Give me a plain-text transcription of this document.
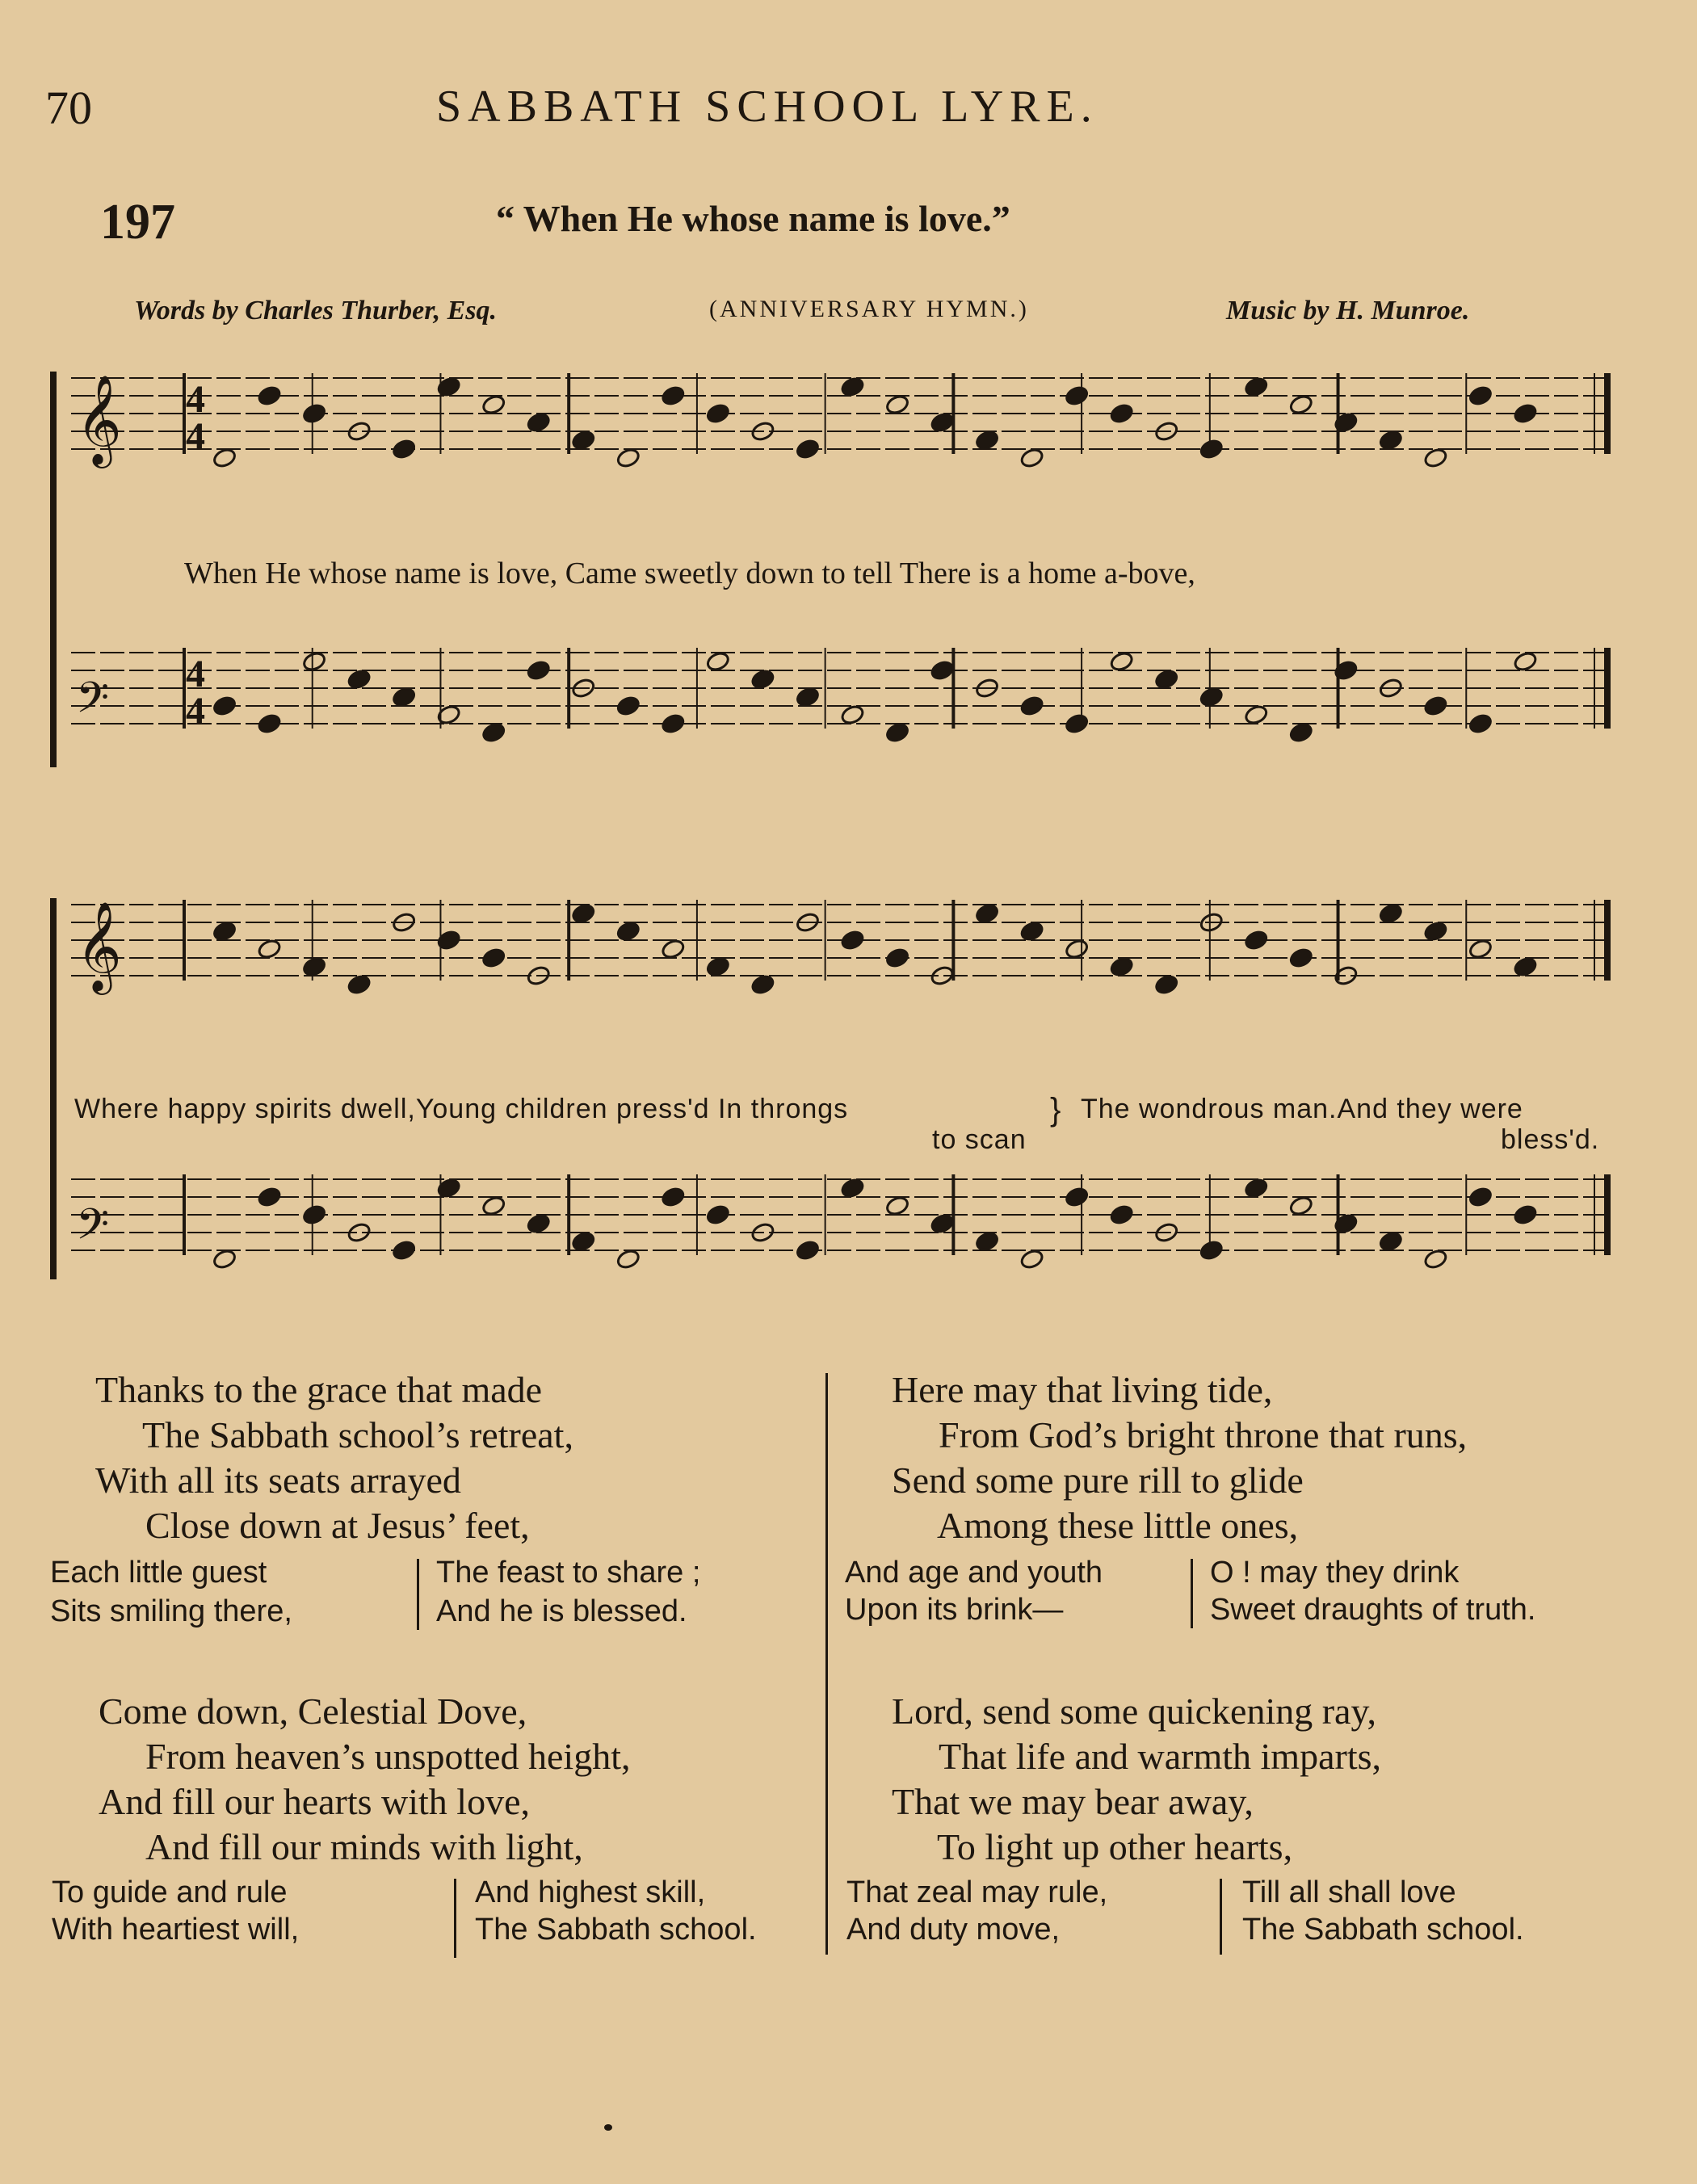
70	SABBATH SCHOOL LYRE.
197	“ When He whose name is love.”
Words by Charles Thurber, Esq.	(ANNIVERSARY HYMN.)	Music by H. Munroe.
𝄞
𝄢
𝄞
𝄢
4
4
4
4
When He whose name is love, Came sweetly down to tell There is a home a-bove,
Where happy spirits dwell,Young children press'd In throngs
to scan
} The wondrous man.And they were
bless'd.
Thanks to the grace that made
The Sabbath school’s retreat,
With all its seats arrayed
Close down at Jesus’ feet,
Each little guest
Sits smiling there,
The feast to share ;
And he is blessed.
Here may that living tide,
From God’s bright throne that runs,
Send some pure rill to glide
Among these little ones,
And age and youth
Upon its brink—
O ! may they drink
Sweet draughts of truth.
Come down, Celestial Dove,
From heaven’s unspotted height,
And fill our hearts with love,
And fill our minds with light,
To guide and rule
With heartiest will,
And highest skill,
The Sabbath school.
Lord, send some quickening ray,
That life and warmth imparts,
That we may bear away,
To light up other hearts,
That zeal may rule,
And duty move,
Till all shall love
The Sabbath school.
